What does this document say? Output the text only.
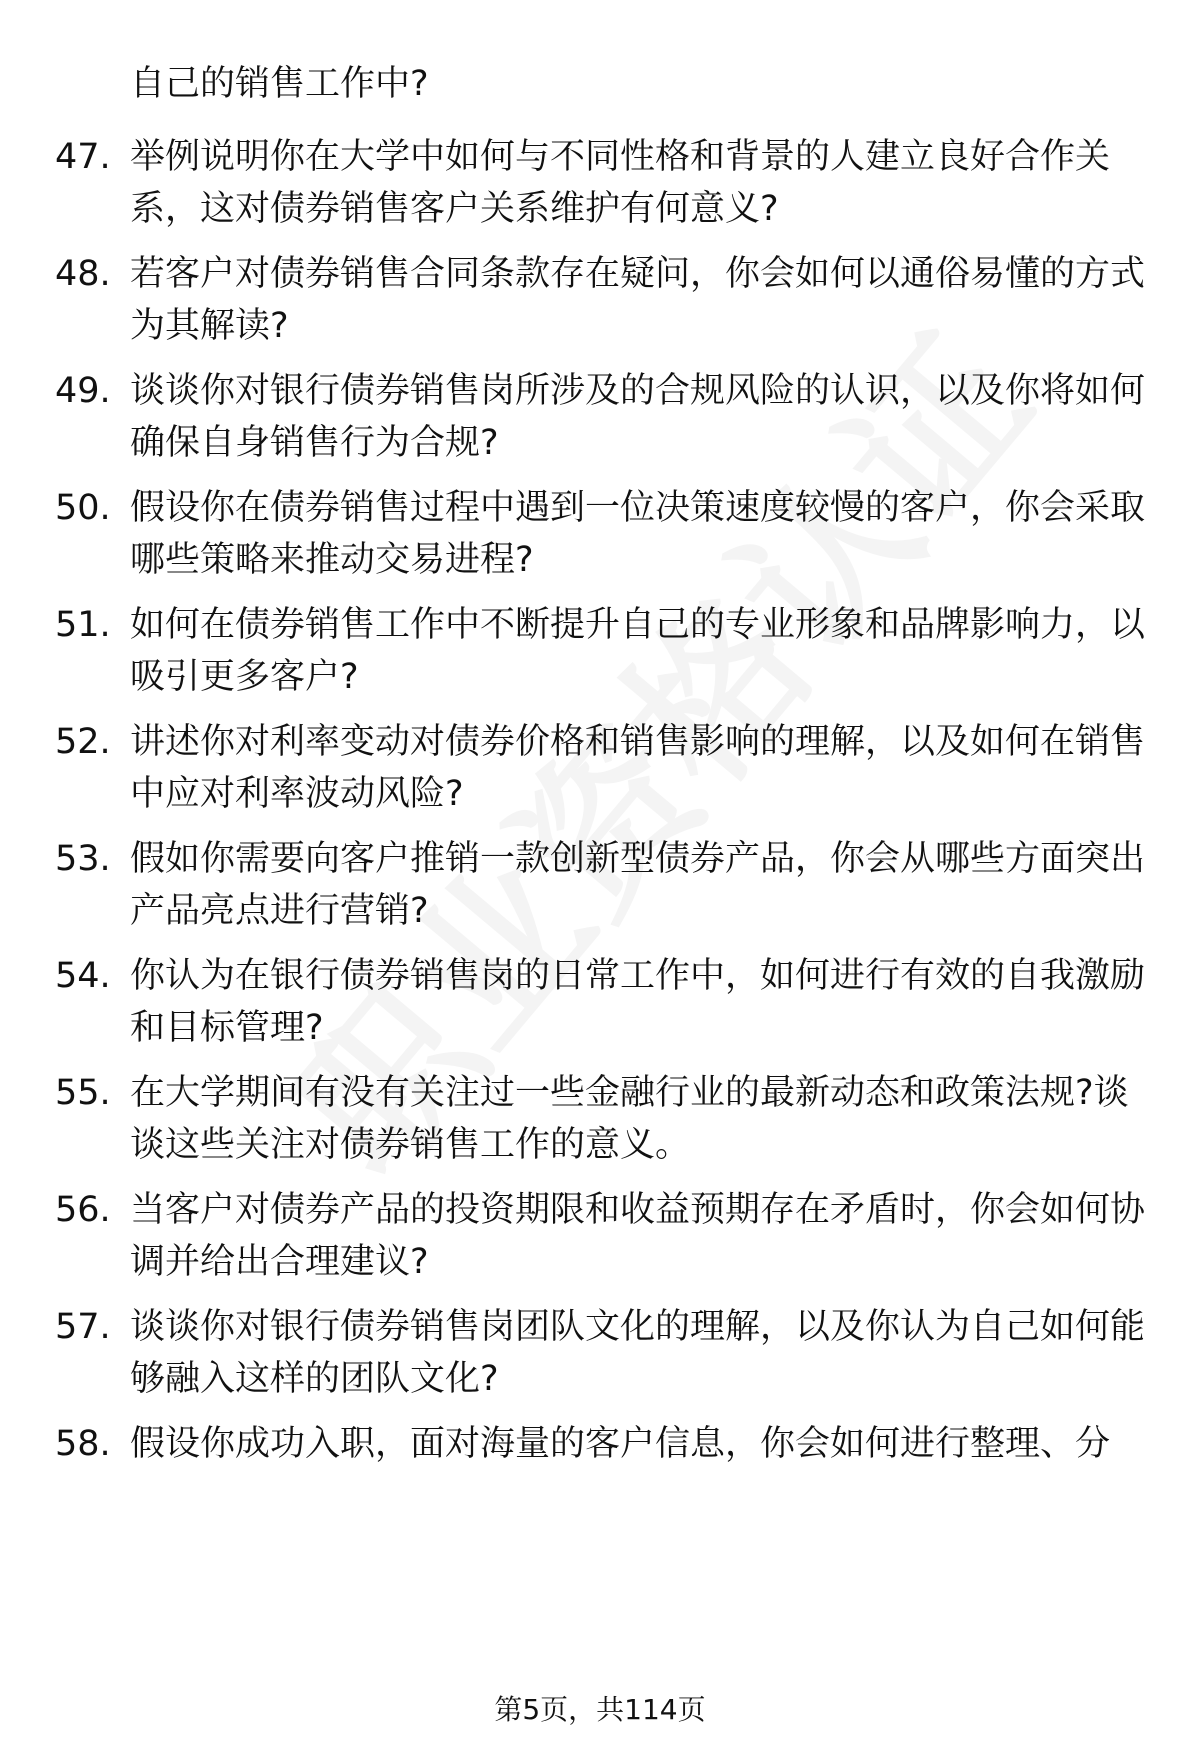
自己的销售工作中?
47. 举例说明你在大学中如何与不同性格和背景的人建立良好合作关系，这对债券销售客户关系维护有何意义?
48. 若客户对债券销售合同条款存在疑问，你会如何以通俗易懂的方式为其解读?
49. 谈谈你对银行债券销售岗所涉及的合规风险的认识，以及你将如何确保自身销售行为合规?
50. 假设你在债券销售过程中遇到一位决策速度较慢的客户，你会采取哪些策略来推动交易进程?
51. 如何在债券销售工作中不断提升自己的专业形象和品牌影响力，以吸引更多客户?
52. 讲述你对利率变动对债券价格和销售影响的理解，以及如何在销售中应对利率波动风险?
53. 假如你需要向客户推销一款创新型债券产品，你会从哪些方面突出产品亮点进行营销?
54. 你认为在银行债券销售岗的日常工作中，如何进行有效的自我激励和目标管理?
55. 在大学期间有没有关注过一些金融行业的最新动态和政策法规?谈谈这些关注对债券销售工作的意义。
56. 当客户对债券产品的投资期限和收益预期存在矛盾时，你会如何协调并给出合理建议?
57. 谈谈你对银行债券销售岗团队文化的理解，以及你认为自己如何能够融入这样的团队文化?
58. 假设你成功入职，面对海量的客户信息，你会如何进行整理、分
第5页，共114页
